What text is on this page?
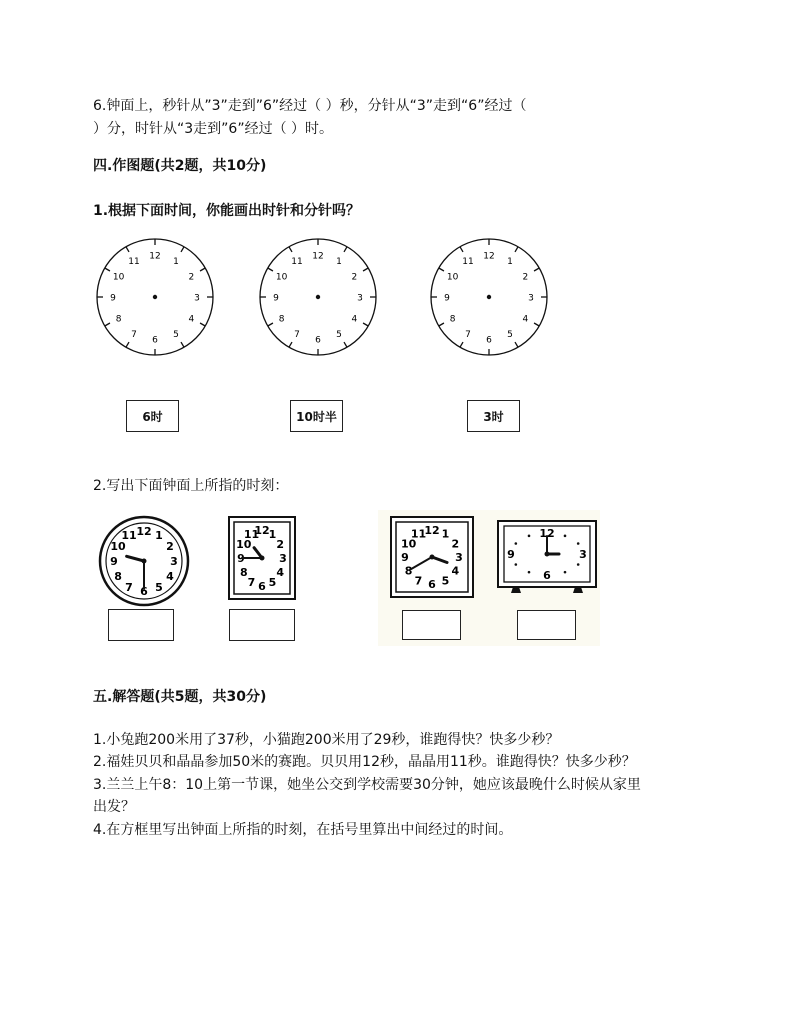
6.钟面上，秒针从”3”走到”6”经过（ ）秒，分针从“3”走到“6”经过（
）分，时针从“3走到”6”经过（ ）时。
四.作图题(共2题，共10分)
1.根据下面时间，你能画出时针和分针吗？
12
1
2
3
4
5
6
7
8
9
10
11
12
1
2
3
4
5
6
7
8
9
10
11
12
1
2
3
4
5
6
7
8
9
10
11
6时	10时半	3时
2.写出下面钟面上所指的时刻：
12 1
2
3
4
5
6
7
8
9
10
11	12 1
2
3
4
5
6
7
8
9
10
11	12 1
2
3
4
5
6
7
8
9
10
11	12
3
6
9
五.解答题(共5题，共30分)
1.小兔跑200米用了37秒，小猫跑200米用了29秒，谁跑得快？快多少秒？
2.福娃贝贝和晶晶参加50米的赛跑。贝贝用12秒，晶晶用11秒。谁跑得快？快多少秒？
3.兰兰上午8：10上第一节课，她坐公交到学校需要30分钟，她应该最晚什么时候从家里
出发？
4.在方框里写出钟面上所指的时刻，在括号里算出中间经过的时间。
